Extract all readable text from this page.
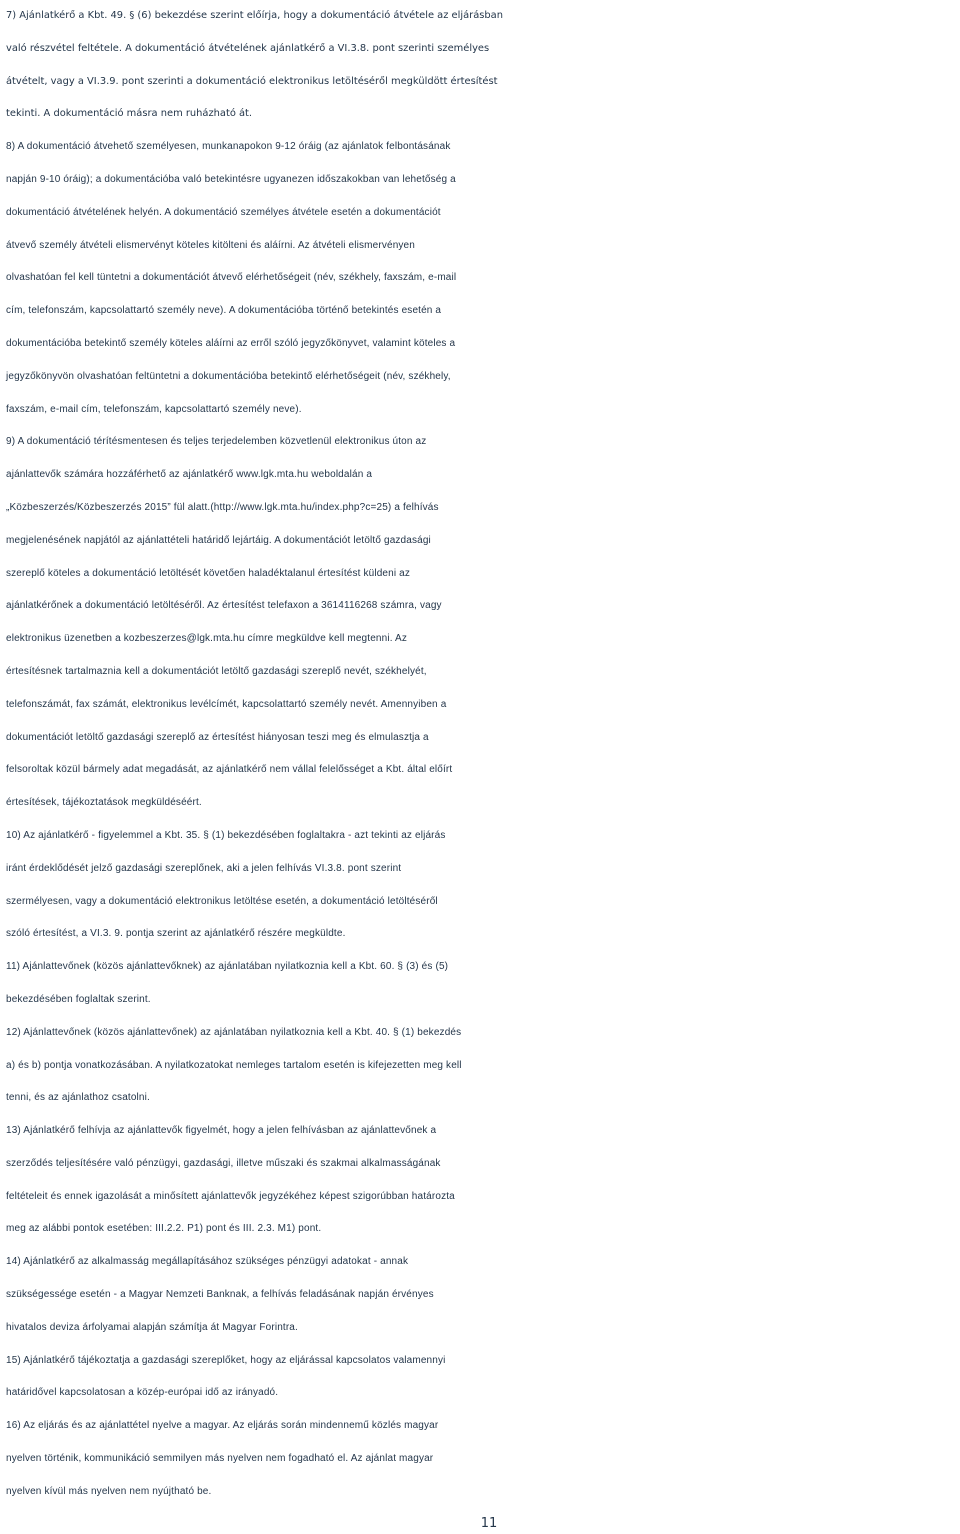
7) Ajánlatkérő a Kbt. 49. § (6) bekezdése szerint előírja, hogy a dokumentáció átvétele az eljárásban
való részvétel feltétele. A dokumentáció átvételének ajánlatkérő a VI.3.8. pont szerinti személyes
átvételt, vagy a VI.3.9. pont szerinti a dokumentáció elektronikus letöltéséről megküldött értesítést
tekinti. A dokumentáció másra nem ruházható át.
8) A dokumentáció átvehető személyesen, munkanapokon 9-12 óráig (az ajánlatok felbontásának
napján 9-10 óráig); a dokumentációba való betekintésre ugyanezen időszakokban van lehetőség a
dokumentáció átvételének helyén. A dokumentáció személyes átvétele esetén a dokumentációt
átvevő személy átvételi elismervényt köteles kitölteni és aláírni. Az átvételi elismervényen
olvashatóan fel kell tüntetni a dokumentációt átvevő elérhetőségeit (név, székhely, faxszám, e-mail
cím, telefonszám, kapcsolattartó személy neve). A dokumentációba történő betekintés esetén a
dokumentációba betekintő személy köteles aláírni az erről szóló jegyzőkönyvet, valamint köteles a
jegyzőkönyvön olvashatóan feltüntetni a dokumentációba betekintő elérhetőségeit (név, székhely,
faxszám, e-mail cím, telefonszám, kapcsolattartó személy neve).
9) A dokumentáció térítésmentesen és teljes terjedelemben közvetlenül elektronikus úton az
ajánlattevők számára hozzáférhető az ajánlatkérő www.lgk.mta.hu weboldalán a
„Közbeszerzés/Közbeszerzés 2015” fül alatt.(http://www.lgk.mta.hu/index.php?c=25) a felhívás
megjelenésének napjától az ajánlattételi határidő lejártáig. A dokumentációt letöltő gazdasági
szereplő köteles a dokumentáció letöltését követően haladéktalanul értesítést küldeni az
ajánlatkérőnek a dokumentáció letöltéséről. Az értesítést telefaxon a 3614116268 számra, vagy
elektronikus üzenetben a kozbeszerzes@lgk.mta.hu címre megküldve kell megtenni. Az
értesítésnek tartalmaznia kell a dokumentációt letöltő gazdasági szereplő nevét, székhelyét,
telefonszámát, fax számát, elektronikus levélcímét, kapcsolattartó személy nevét. Amennyiben a
dokumentációt letöltő gazdasági szereplő az értesítést hiányosan teszi meg és elmulasztja a
felsoroltak közül bármely adat megadását, az ajánlatkérő nem vállal felelősséget a Kbt. által előírt
értesítések, tájékoztatások megküldéséért.
10) Az ajánlatkérő - figyelemmel a Kbt. 35. § (1) bekezdésében foglaltakra - azt tekinti az eljárás
iránt érdeklődését jelző gazdasági szereplőnek, aki a jelen felhívás VI.3.8. pont szerint
szermélyesen, vagy a dokumentáció elektronikus letöltése esetén, a dokumentáció letöltéséről
szóló értesítést, a VI.3. 9. pontja szerint az ajánlatkérő részére megküldte.
11) Ajánlattevőnek (közös ajánlattevőknek) az ajánlatában nyilatkoznia kell a Kbt. 60. § (3) és (5)
bekezdésében foglaltak szerint.
12) Ajánlattevőnek (közös ajánlattevőnek) az ajánlatában nyilatkoznia kell a Kbt. 40. § (1) bekezdés
a) és b) pontja vonatkozásában. A nyilatkozatokat nemleges tartalom esetén is kifejezetten meg kell
tenni, és az ajánlathoz csatolni.
13) Ajánlatkérő felhívja az ajánlattevők figyelmét, hogy a jelen felhívásban az ajánlattevőnek a
szerződés teljesítésére való pénzügyi, gazdasági, illetve műszaki és szakmai alkalmasságának
feltételeit és ennek igazolását a minősített ajánlattevők jegyzékéhez képest szigorúbban határozta
meg az alábbi pontok esetében: III.2.2. P1) pont és III. 2.3. M1) pont.
14) Ajánlatkérő az alkalmasság megállapításához szükséges pénzügyi adatokat - annak
szükségessége esetén - a Magyar Nemzeti Banknak, a felhívás feladásának napján érvényes
hivatalos deviza árfolyamai alapján számítja át Magyar Forintra.
15) Ajánlatkérő tájékoztatja a gazdasági szereplőket, hogy az eljárással kapcsolatos valamennyi
határidővel kapcsolatosan a közép-európai idő az irányadó.
16) Az eljárás és az ajánlattétel nyelve a magyar. Az eljárás során mindennemű közlés magyar
nyelven történik, kommunikáció semmilyen más nyelven nem fogadható el. Az ajánlat magyar
nyelven kívül más nyelven nem nyújtható be.
11
